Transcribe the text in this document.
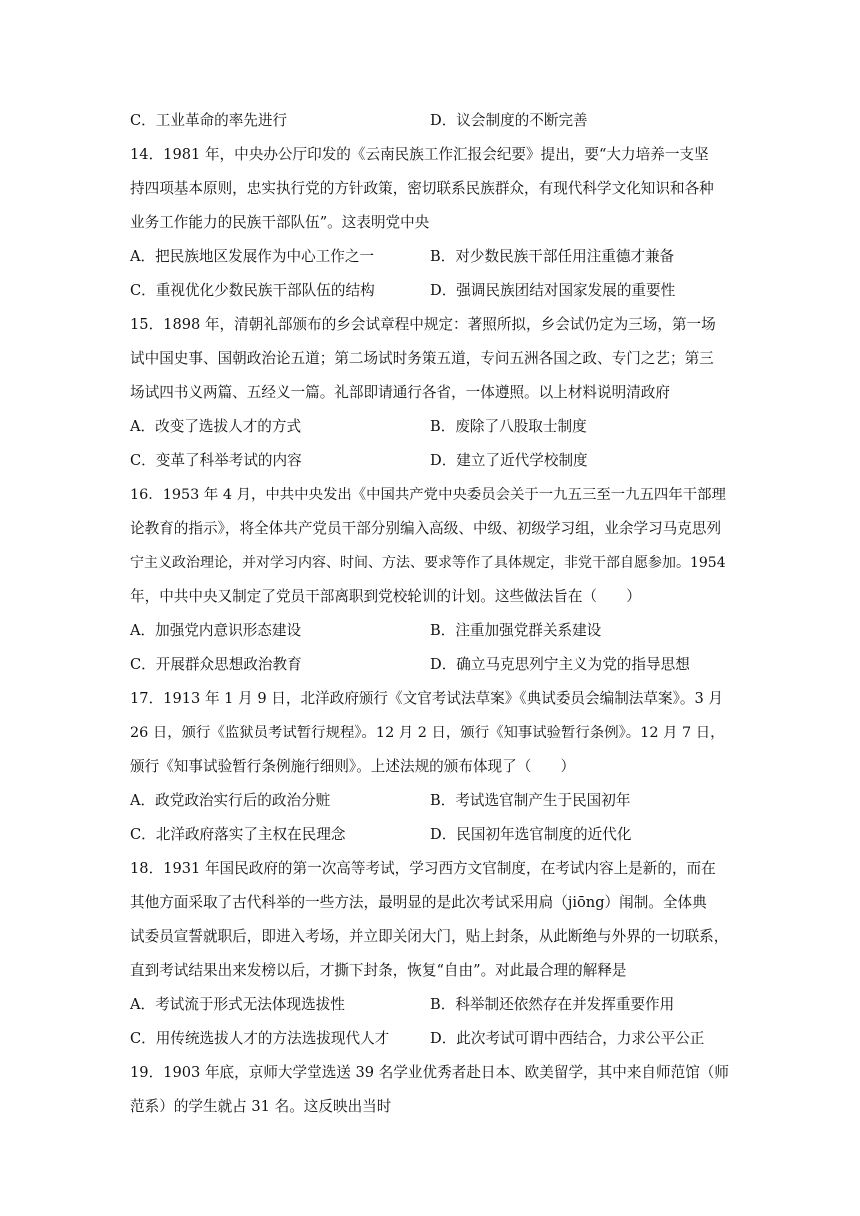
C．工业革命的率先进行	D．议会制度的不断完善
14．1981 年，中央办公厅印发的《云南民族工作汇报会纪要》提出，要“大力培养一支坚
持四项基本原则，忠实执行党的方针政策，密切联系民族群众，有现代科学文化知识和各种
业务工作能力的民族干部队伍”。这表明党中央
A．把民族地区发展作为中心工作之一	B．对少数民族干部任用注重德才兼备
C．重视优化少数民族干部队伍的结构	D．强调民族团结对国家发展的重要性
15．1898 年，清朝礼部颁布的乡会试章程中规定：著照所拟，乡会试仍定为三场，第一场
试中国史事、国朝政治论五道；第二场试时务策五道，专问五洲各国之政、专门之艺；第三
场试四书义两篇、五经义一篇。礼部即请通行各省，一体遵照。以上材料说明清政府
A．改变了选拔人才的方式	B．废除了八股取士制度
C．变革了科举考试的内容	D．建立了近代学校制度
16．1953 年 4 月，中共中央发出《中国共产党中央委员会关于一九五三至一九五四年干部理
论教育的指示》，将全体共产党员干部分别编入高级、中级、初级学习组，业余学习马克思列
宁主义政治理论，并对学习内容、时间、方法、要求等作了具体规定，非党干部自愿参加。1954
年，中共中央又制定了党员干部离职到党校轮训的计划。这些做法旨在（　　）
A．加强党内意识形态建设	B．注重加强党群关系建设
C．开展群众思想政治教育	D．确立马克思列宁主义为党的指导思想
17．1913 年 1 月 9 日，北洋政府颁行《文官考试法草案》《典试委员会编制法草案》。3 月
26 日，颁行《监狱员考试暂行规程》。12 月 2 日，颁行《知事试验暂行条例》。12 月 7 日，
颁行《知事试验暂行条例施行细则》。上述法规的颁布体现了（　　）
A．政党政治实行后的政治分赃	B．考试选官制产生于民国初年
C．北洋政府落实了主权在民理念	D．民国初年选官制度的近代化
18．1931 年国民政府的第一次高等考试，学习西方文官制度，在考试内容上是新的，而在
其他方面采取了古代科举的一些方法，最明显的是此次考试采用扃（jiōng）闱制。全体典
试委员宣誓就职后，即进入考场，并立即关闭大门，贴上封条，从此断绝与外界的一切联系，
直到考试结果出来发榜以后，才撕下封条，恢复“自由”。对此最合理的解释是
A．考试流于形式无法体现选拔性	B．科举制还依然存在并发挥重要作用
C．用传统选拔人才的方法选拔现代人才	D．此次考试可谓中西结合，力求公平公正
19．1903 年底，京师大学堂选送 39 名学业优秀者赴日本、欧美留学，其中来自师范馆（师
范系）的学生就占 31 名。这反映出当时
